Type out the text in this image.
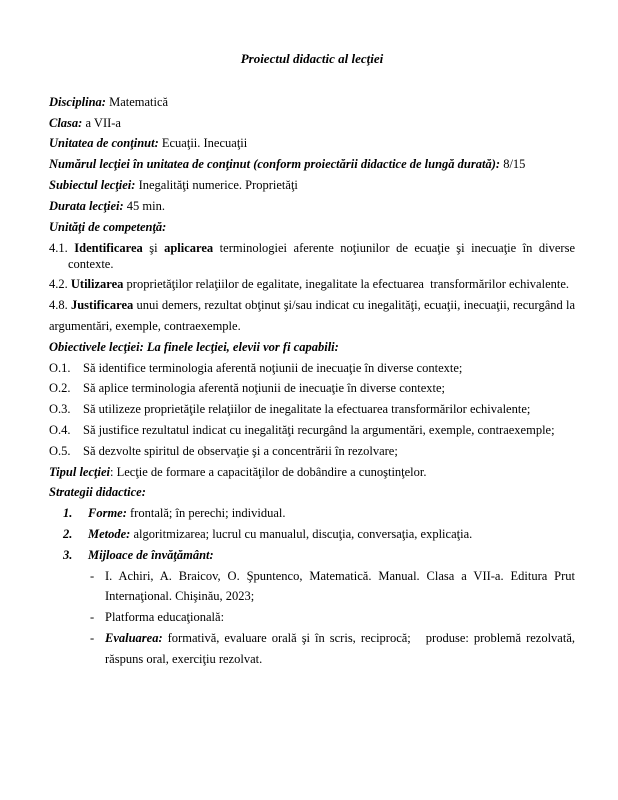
Proiectul didactic al lecţiei

Disciplina: Matematică

Clasa: a VII-a

Unitatea de conţinut: Ecuaţii. Inecuaţii

Numărul lecţiei în unitatea de conţinut (conform proiectării didactice de lungă durată): 8/15

Subiectul lecţiei: Inegalităţi numerice. Proprietăţi

Durata lecţiei: 45 min.

Unităţi de competenţă:

4.1. Identificarea şi aplicarea terminologiei aferente noţiunilor de ecuaţie şi inecuaţie în diverse contexte.

4.2. Utilizarea proprietăţilor relaţiilor de egalitate, inegalitate la efectuarea  transformărilor echivalente.

4.8. Justificarea unui demers, rezultat obţinut şi/sau indicat cu inegalităţi, ecuaţii, inecuaţii, recurgând la argumentări, exemple, contraexemple.

Obiectivele lecţiei: La finele lecţiei, elevii vor fi capabili:

O.1. Să identifice terminologia aferentă noţiunii de inecuaţie în diverse contexte;

O.2. Să aplice terminologia aferentă noţiunii de inecuaţie în diverse contexte;

O.3. Să utilizeze proprietăţile relaţiilor de inegalitate la efectuarea transformărilor echivalente;

O.4. Să justifice rezultatul indicat cu inegalităţi recurgând la argumentări, exemple, contraexemple;

O.5. Să dezvolte spiritul de observaţie şi a concentrării în rezolvare;

Tipul lecţiei: Lecţie de formare a capacităţilor de dobândire a cunoştinţelor.

Strategii didactice:

1. Forme: frontală; în perechi; individual.

2. Metode: algoritmizarea; lucrul cu manualul, discuţia, conversaţia, explicaţia.

3. Mijloace de învăţământ:

- I. Achiri, A. Braicov, O. Şpuntenco, Matematică. Manual. Clasa a VII-a. Editura Prut Internaţional. Chişinău, 2023;

- Platforma educaţională:

- Evaluarea: formativă, evaluare orală şi în scris, reciprocă;   produse: problemă rezolvată, răspuns oral, exerciţiu rezolvat.
